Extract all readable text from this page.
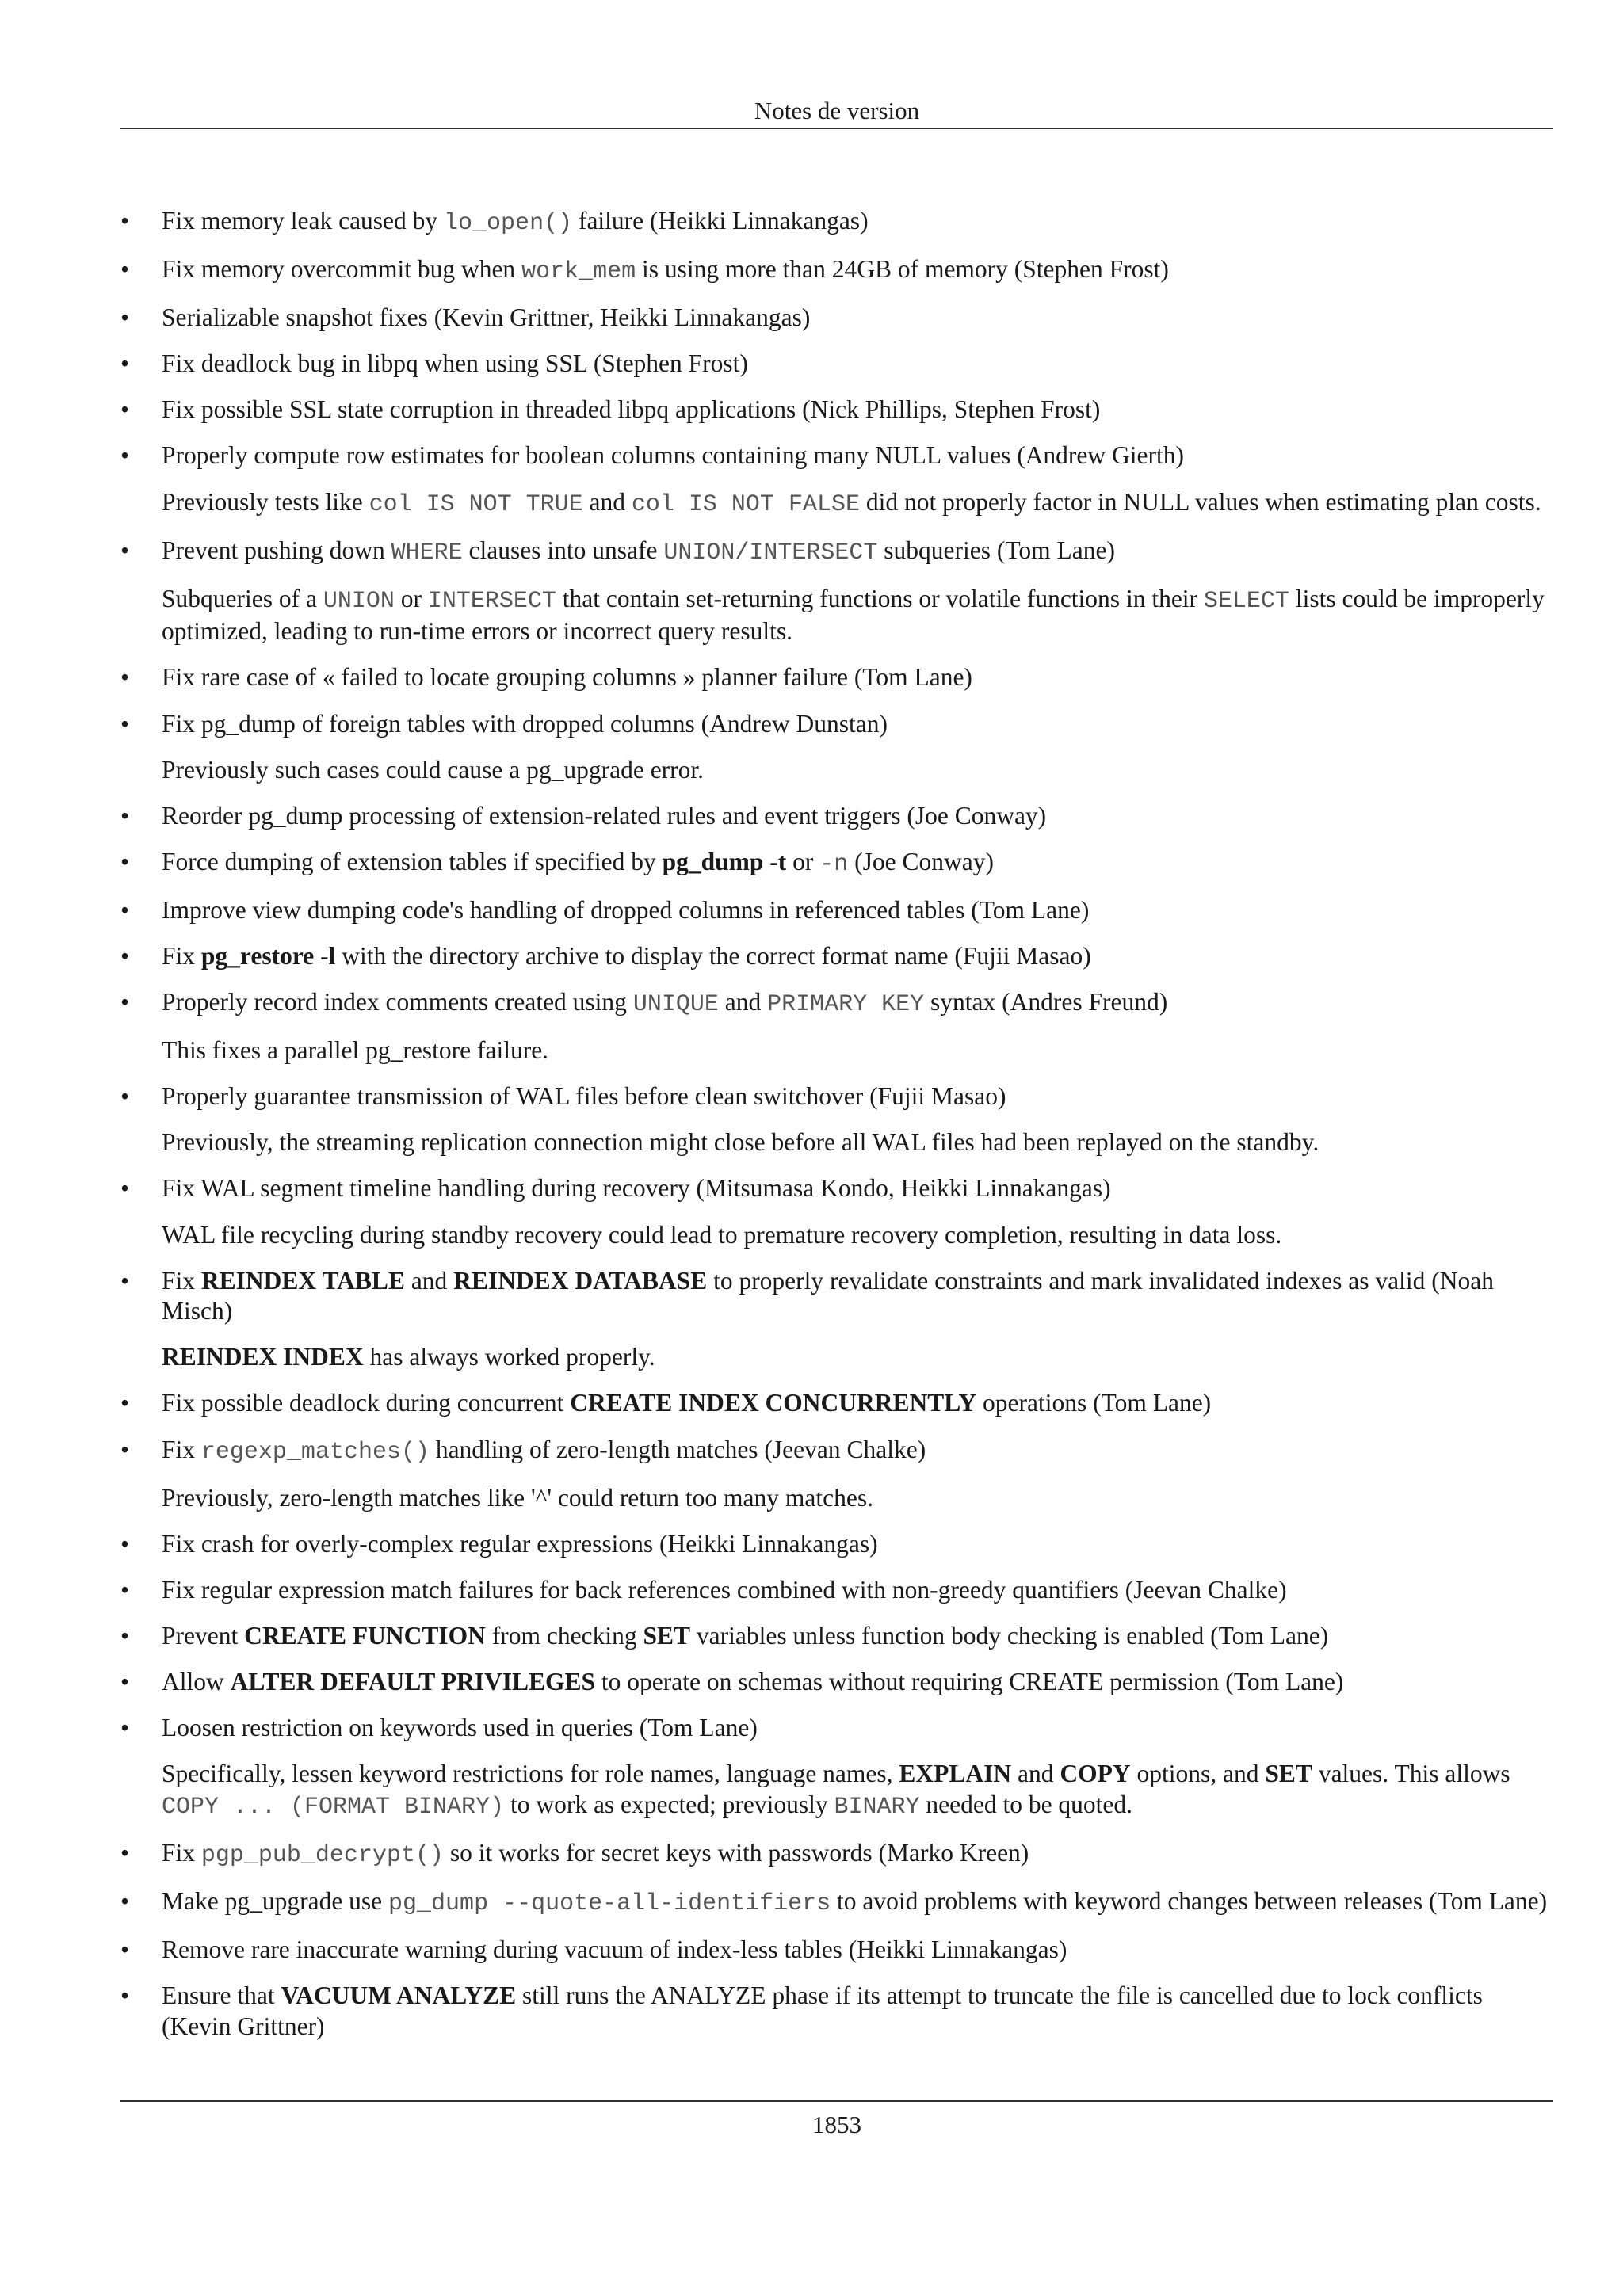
Notes de version
•	Fix memory leak caused by lo_open() failure (Heikki Linnakangas)

•	Fix memory overcommit bug when work_mem is using more than 24GB of memory (Stephen Frost)

•	Serializable snapshot fixes (Kevin Grittner, Heikki Linnakangas)

•	Fix deadlock bug in libpq when using SSL (Stephen Frost)

•	Fix possible SSL state corruption in threaded libpq applications (Nick Phillips, Stephen Frost)

•	Properly compute row estimates for boolean columns containing many NULL values (Andrew Gierth)

Previously tests like col IS NOT TRUE and col IS NOT FALSE did not properly factor in NULL values when estimating plan costs.

•	Prevent pushing down WHERE clauses into unsafe UNION/INTERSECT subqueries (Tom Lane)

Subqueries of a UNION or INTERSECT that contain set-returning functions or volatile functions in their SELECT lists could be improperly optimized, leading to run-time errors or incorrect query results.

•	Fix rare case of « failed to locate grouping columns » planner failure (Tom Lane)

•	Fix pg_dump of foreign tables with dropped columns (Andrew Dunstan)

Previously such cases could cause a pg_upgrade error.

•	Reorder pg_dump processing of extension-related rules and event triggers (Joe Conway)

•	Force dumping of extension tables if specified by pg_dump -t or -n (Joe Conway)

•	Improve view dumping code's handling of dropped columns in referenced tables (Tom Lane)

•	Fix pg_restore -l with the directory archive to display the correct format name (Fujii Masao)

•	Properly record index comments created using UNIQUE and PRIMARY KEY syntax (Andres Freund)

This fixes a parallel pg_restore failure.

•	Properly guarantee transmission of WAL files before clean switchover (Fujii Masao)

Previously, the streaming replication connection might close before all WAL files had been replayed on the standby.

•	Fix WAL segment timeline handling during recovery (Mitsumasa Kondo, Heikki Linnakangas)

WAL file recycling during standby recovery could lead to premature recovery completion, resulting in data loss.

•	Fix REINDEX TABLE and REINDEX DATABASE to properly revalidate constraints and mark invalidated indexes as valid (Noah Misch)

REINDEX INDEX has always worked properly.

•	Fix possible deadlock during concurrent CREATE INDEX CONCURRENTLY operations (Tom Lane)

•	Fix regexp_matches() handling of zero-length matches (Jeevan Chalke)

Previously, zero-length matches like '^' could return too many matches.

•	Fix crash for overly-complex regular expressions (Heikki Linnakangas)

•	Fix regular expression match failures for back references combined with non-greedy quantifiers (Jeevan Chalke)

•	Prevent CREATE FUNCTION from checking SET variables unless function body checking is enabled (Tom Lane)

•	Allow ALTER DEFAULT PRIVILEGES to operate on schemas without requiring CREATE permission (Tom Lane)

•	Loosen restriction on keywords used in queries (Tom Lane)

Specifically, lessen keyword restrictions for role names, language names, EXPLAIN and COPY options, and SET values. This allows COPY ... (FORMAT BINARY) to work as expected; previously BINARY needed to be quoted.

•	Fix pgp_pub_decrypt() so it works for secret keys with passwords (Marko Kreen)

•	Make pg_upgrade use pg_dump --quote-all-identifiers to avoid problems with keyword changes between releases (Tom Lane)

•	Remove rare inaccurate warning during vacuum of index-less tables (Heikki Linnakangas)

•	Ensure that VACUUM ANALYZE still runs the ANALYZE phase if its attempt to truncate the file is cancelled due to lock conflicts (Kevin Grittner)

1853
